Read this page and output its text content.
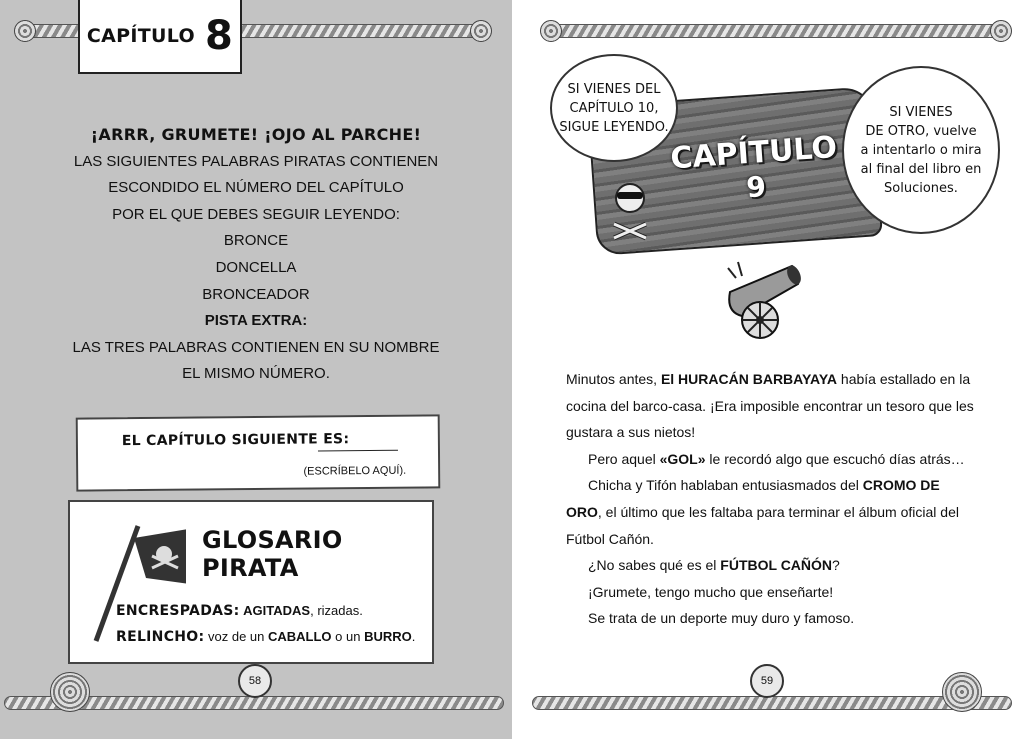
CAPÍTULO 8
¡ARRR, GRUMETE! ¡OJO AL PARCHE!
LAS SIGUIENTES PALABRAS PIRATAS CONTIENEN
ESCONDIDO EL NÚMERO DEL CAPÍTULO
POR EL QUE DEBES SEGUIR LEYENDO:
BRONCE
DONCELLA
BRONCEADOR
PISTA EXTRA:
LAS TRES PALABRAS CONTIENEN EN SU NOMBRE
EL MISMO NÚMERO.
EL CAPÍTULO SIGUIENTE ES:
(ESCRÍBELO AQUÍ).
GLOSARIO PIRATA
ENCRESPADAS: AGITADAS, rizadas.
RELINCHO: voz de un CABALLO o un BURRO.
58
CAPÍTULO
9
SI VIENES DEL
CAPÍTULO 10,
SIGUE LEYENDO.
SI VIENES
DE OTRO, vuelve
a intentarlo o mira
al final del libro en
Soluciones.

Minutos antes, El HURACÁN BARBAYAYA había estallado en la cocina del barco-casa. ¡Era imposible encontrar un tesoro que les gustara a sus nietos!

Pero aquel «GOL» le recordó algo que escuchó días atrás…

Chicha y Tifón hablaban entusiasmados del CROMO DE ORO, el último que les faltaba para terminar el álbum oficial del Fútbol Cañón.

¿No sabes qué es el FÚTBOL CAÑÓN?

¡Grumete, tengo mucho que enseñarte!

Se trata de un deporte muy duro y famoso.

59
